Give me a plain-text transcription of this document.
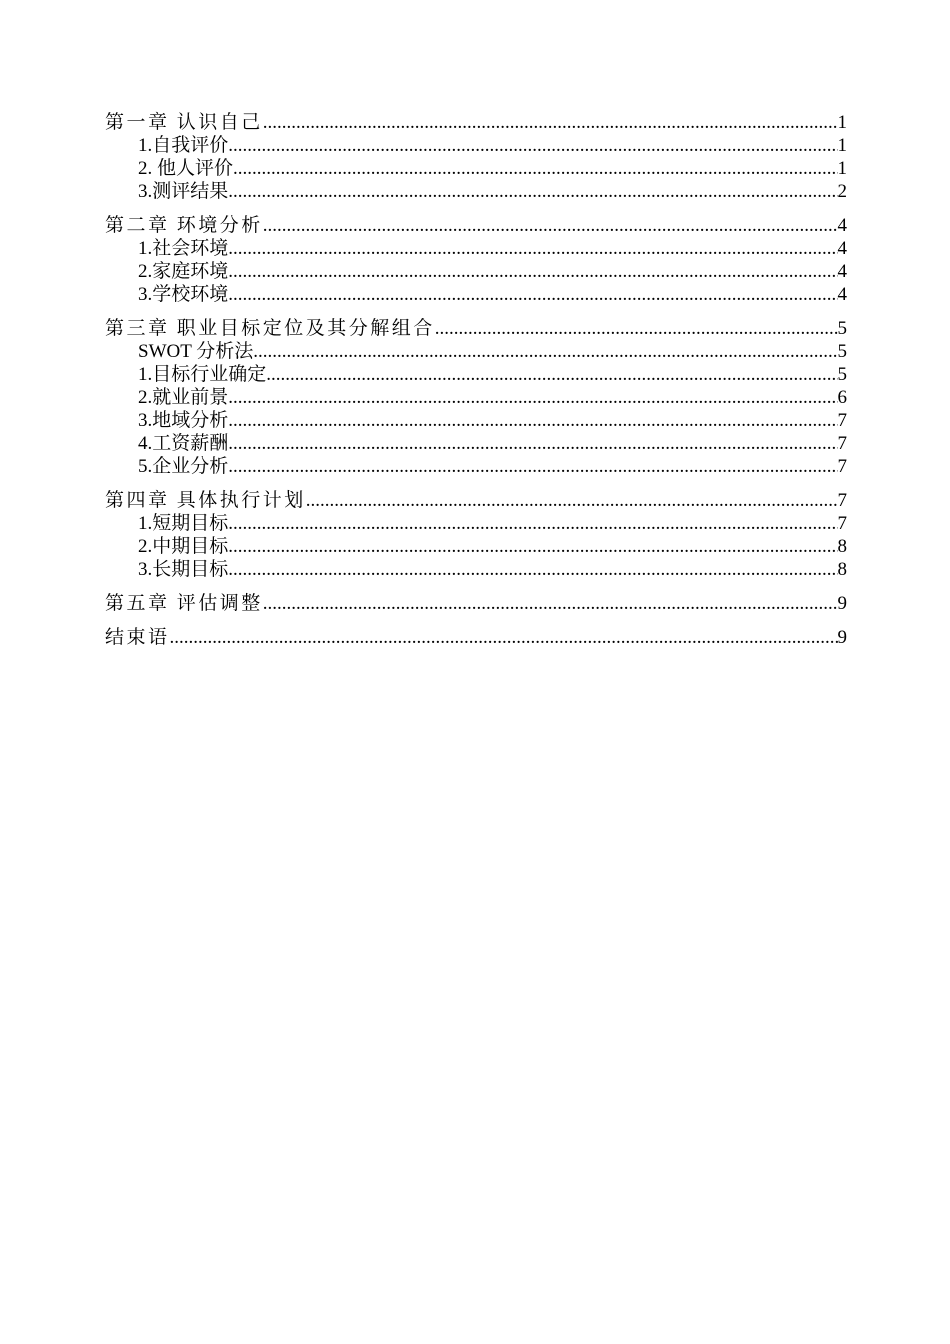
第一章 认识自己 .....	1
1.自我评价 .....	1
2. 他人评价 .....	1
3.测评结果 .....	2
第二章 环境分析 .....	4
1.社会环境 .....	4
2.家庭环境 .....	4
3.学校环境 .....	4
第三章 职业目标定位及其分解组合 .....	5
SWOT 分析法 .....	5
1.目标行业确定 .....	5
2.就业前景 .....	6
3.地域分析 .....	7
4.工资薪酬 .....	7
5.企业分析 .....	7
第四章 具体执行计划 .....	7
1.短期目标 .....	7
2.中期目标 .....	8
3.长期目标 .....	8
第五章 评估调整 .....	9
结束语 .....	9
